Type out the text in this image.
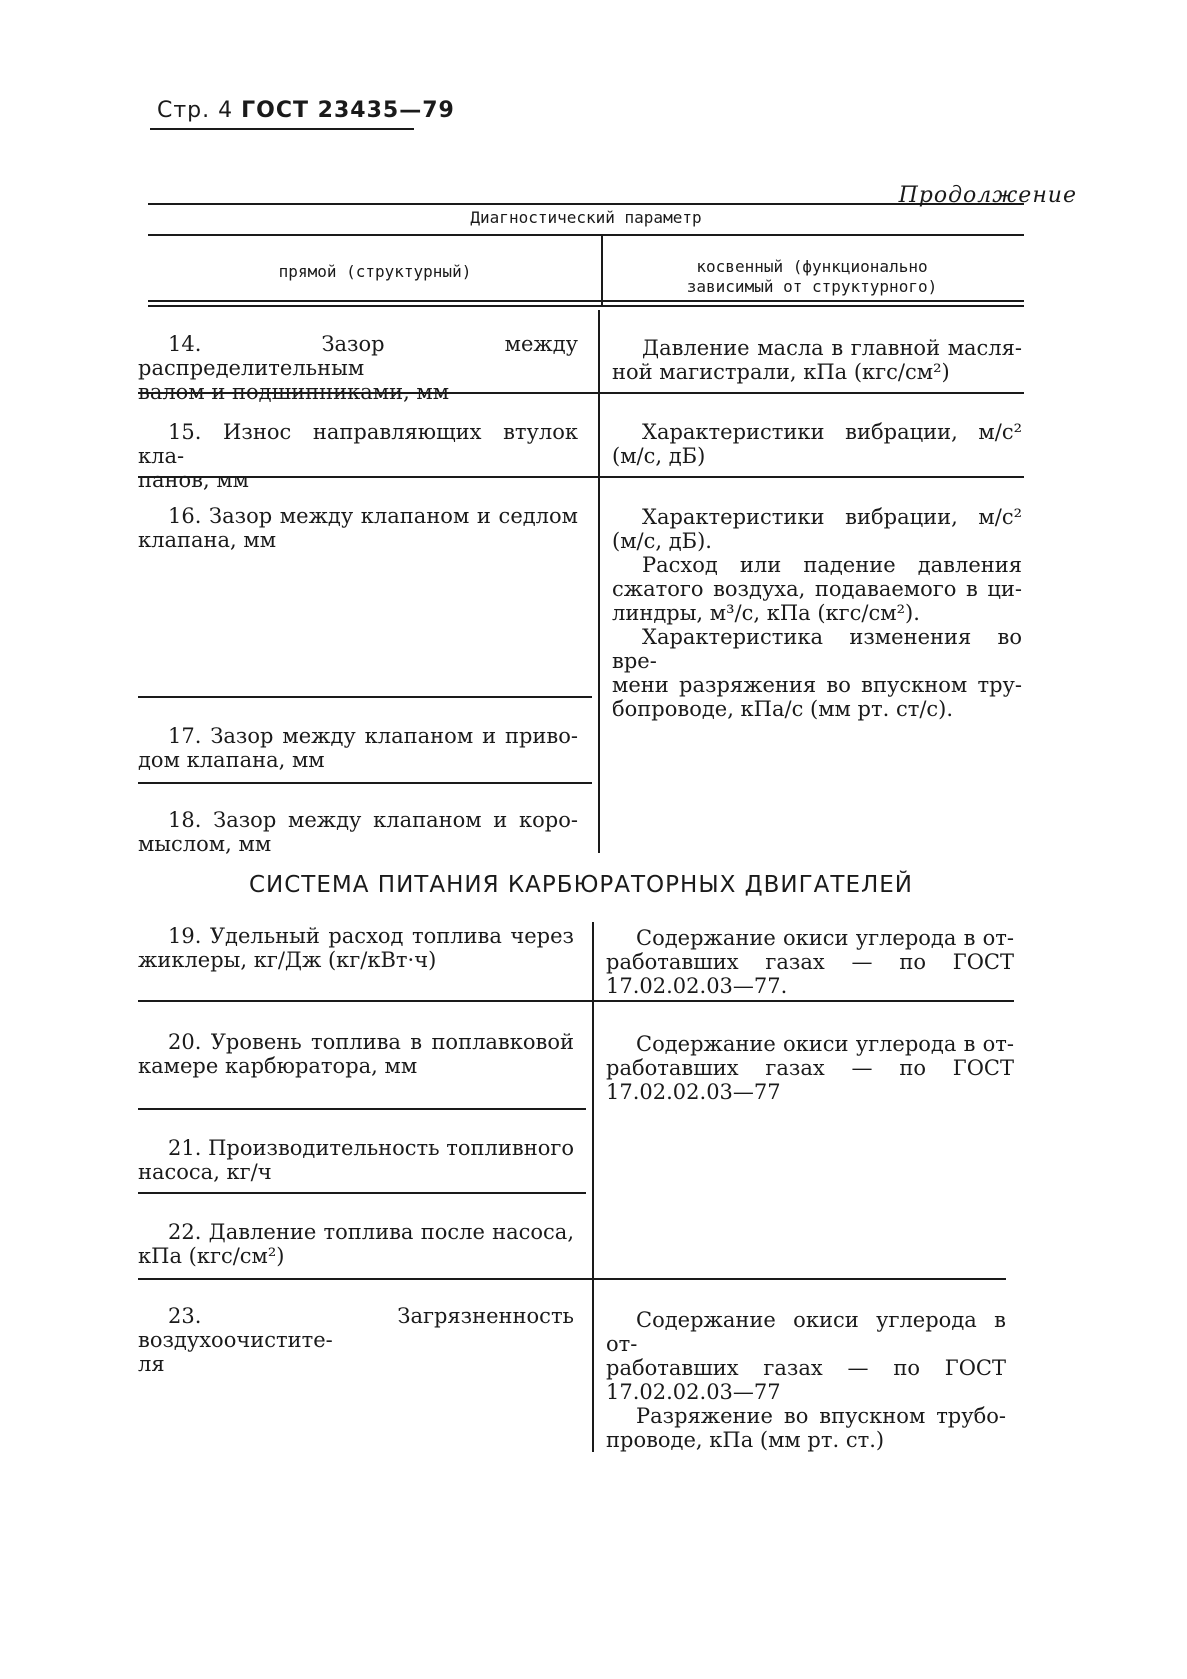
Стр. 4 ГОСТ 23435—79
Продолжение
Диагностический параметр
прямой (структурный)	косвенный (функционально
зависимый от структурного)

14. Зазор между распределительным

валом и подшипниками, мм

Давление масла в главной масля-

ной магистрали, кПа (кгс/см²)

15. Износ направляющих втулок кла-

панов, мм

Характеристики вибрации, м/с²

(м/с, дБ)

16. Зазор между клапаном и седлом

клапана, мм

Характеристики вибрации, м/с²

(м/с, дБ).

Расход или падение давления

сжатого воздуха, подаваемого в ци-

линдры, м³/с, кПа (кгс/см²).

Характеристика изменения во вре-

мени разряжения во впускном тру-

бопроводе, кПа/с (мм рт. ст/с).

17. Зазор между клапаном и приво-

дом клапана, мм

18. Зазор между клапаном и коро-

мыслом, мм

СИСТЕМА ПИТАНИЯ КАРБЮРАТОРНЫХ ДВИГАТЕЛЕЙ

19. Удельный расход топлива через

жиклеры, кг/Дж (кг/кВт·ч)

Содержание окиси углерода в от-

работавших газах — по ГОСТ

17.02.02.03—77.

20. Уровень топлива в поплавковой

камере карбюратора, мм

Содержание окиси углерода в от-

работавших газах — по ГОСТ

17.02.02.03—77

21. Производительность топливного

насоса, кг/ч

22. Давление топлива после насоса,

кПа (кгс/см²)

23. Загрязненность воздухоочистите-

ля

Содержание окиси углерода в от-

работавших газах — по ГОСТ

17.02.02.03—77

Разряжение во впускном трубо-

проводе, кПа (мм рт. ст.)
